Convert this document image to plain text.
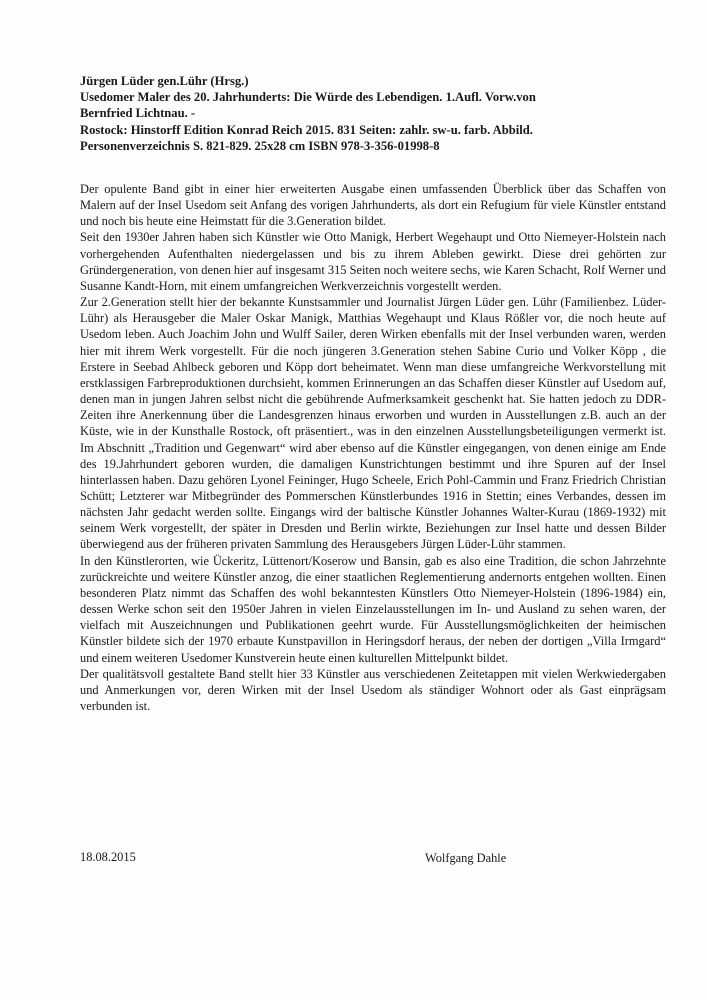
Jürgen Lüder gen.Lühr (Hrsg.)
Usedomer Maler des 20. Jahrhunderts: Die Würde des Lebendigen. 1.Aufl. Vorw.von
Bernfried Lichtnau. -
Rostock: Hinstorff Edition Konrad Reich 2015. 831 Seiten: zahlr. sw-u. farb. Abbild.
Personenverzeichnis S. 821-829. 25x28 cm ISBN 978-3-356-01998-8

Der opulente Band gibt in einer hier erweiterten Ausgabe einen umfassenden Überblick über das Schaffen von Malern auf der Insel Usedom seit Anfang des vorigen Jahrhunderts, als dort ein Refugium für viele Künstler entstand und noch bis heute eine Heimstatt für die 3.Generation bildet.

Seit den 1930er Jahren haben sich Künstler wie Otto Manigk, Herbert Wegehaupt und Otto Niemeyer-Holstein nach vorhergehenden Aufenthalten niedergelassen und bis zu ihrem Ableben gewirkt. Diese drei gehörten zur Gründergeneration, von denen hier auf insgesamt 315 Seiten noch weitere sechs, wie Karen Schacht, Rolf Werner und Susanne Kandt-Horn, mit einem umfangreichen Werkverzeichnis vorgestellt werden.

Zur 2.Generation stellt hier der bekannte Kunstsammler und Journalist Jürgen Lüder gen. Lühr (Familienbez. Lüder-Lühr) als Herausgeber die Maler Oskar Manigk, Matthias Wegehaupt und Klaus Rößler vor, die noch heute auf Usedom leben. Auch Joachim John und Wulff Sailer, deren Wirken ebenfalls mit der Insel verbunden waren, werden hier mit ihrem Werk vorgestellt. Für die noch jüngeren 3.Generation stehen Sabine Curio und Volker Köpp , die Erstere in Seebad Ahlbeck geboren und Köpp dort beheimatet. Wenn man diese umfangreiche Werkvorstellung mit erstklassigen Farbreproduktionen durchsieht, kommen Erinnerungen an das Schaffen dieser Künstler auf Usedom auf, denen man in jungen Jahren selbst nicht die gebührende Aufmerksamkeit geschenkt hat. Sie hatten jedoch zu DDR-Zeiten ihre Anerkennung über die Landesgrenzen hinaus erworben und wurden in Ausstellungen z.B. auch an der Küste, wie in der Kunsthalle Rostock, oft präsentiert., was in den einzelnen Ausstellungsbeteiligungen vermerkt ist. Im Abschnitt „Tradition und Gegenwart“ wird aber ebenso auf die Künstler eingegangen, von denen einige am Ende des 19.Jahrhundert geboren wurden, die damaligen Kunstrichtungen bestimmt und ihre Spuren auf der Insel hinterlassen haben. Dazu gehören Lyonel Feininger, Hugo Scheele, Erich Pohl-Cammin und Franz Friedrich Christian Schütt; Letzterer war Mitbegründer des Pommerschen Künstlerbundes 1916 in Stettin; eines Verbandes, dessen im nächsten Jahr gedacht werden sollte. Eingangs wird der baltische Künstler Johannes Walter-Kurau (1869-1932) mit seinem Werk vorgestellt, der später in Dresden und Berlin wirkte, Beziehungen zur Insel hatte und dessen Bilder überwiegend aus der früheren privaten Sammlung des Herausgebers Jürgen Lüder-Lühr stammen.

In den Künstlerorten, wie Ückeritz, Lüttenort/Koserow und Bansin, gab es also eine Tradition, die schon Jahrzehnte zurückreichte und weitere Künstler anzog, die einer staatlichen Reglementierung andernorts entgehen wollten. Einen besonderen Platz nimmt das Schaffen des wohl bekanntesten Künstlers Otto Niemeyer-Holstein (1896-1984) ein, dessen Werke schon seit den 1950er Jahren in vielen Einzelausstellungen im In- und Ausland zu sehen waren, der vielfach mit Auszeichnungen und Publikationen geehrt wurde. Für Ausstellungsmöglichkeiten der heimischen Künstler bildete sich der 1970 erbaute Kunstpavillon in Heringsdorf heraus, der neben der dortigen „Villa Irmgard“ und einem weiteren Usedomer Kunstverein heute einen kulturellen Mittelpunkt bildet.

Der qualitätsvoll gestaltete Band stellt hier 33 Künstler aus verschiedenen Zeitetappen mit vielen Werkwiedergaben und Anmerkungen vor, deren Wirken mit der Insel Usedom als ständiger Wohnort oder als Gast einprägsam verbunden ist.

18.08.2015	Wolfgang Dahle
